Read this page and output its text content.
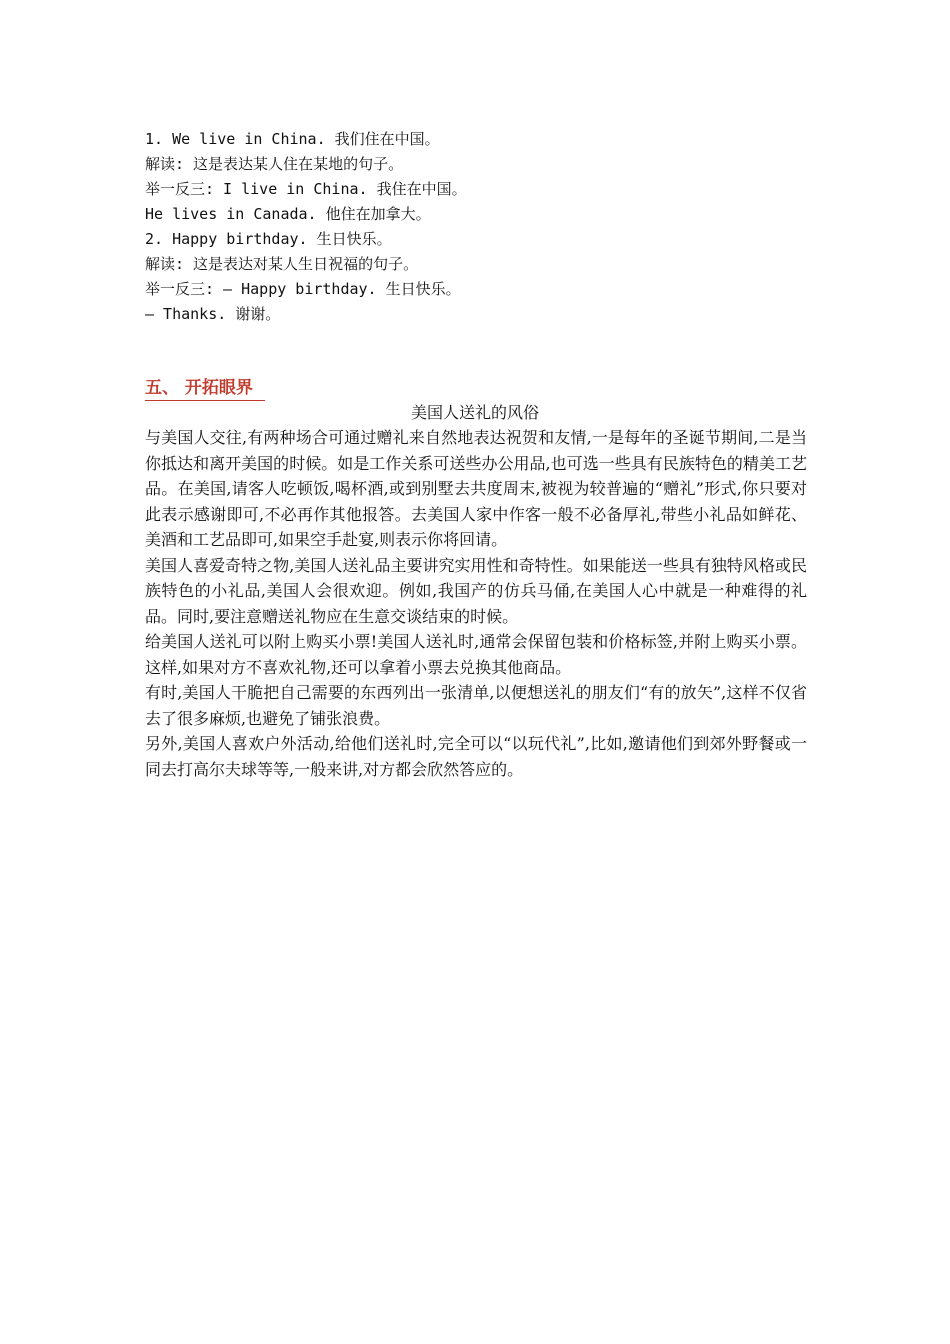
1. We live in China. 我们住在中国。
解读: 这是表达某人住在某地的句子。
举一反三: I live in China. 我住在中国。
He lives in Canada. 他住在加拿大。
2. Happy birthday. 生日快乐。
解读: 这是表达对某人生日祝福的句子。
举一反三: — Happy birthday. 生日快乐。
— Thanks. 谢谢。
五、 开拓眼界
美国人送礼的风俗

与美国人交往,有两种场合可通过赠礼来自然地表达祝贺和友情,一是每年的圣诞节期间,二是当你抵达和离开美国的时候。如是工作关系可送些办公用品,也可选一些具有民族特色的精美工艺品。在美国,请客人吃顿饭,喝杯酒,或到别墅去共度周末,被视为较普遍的“赠礼”形式,你只要对此表示感谢即可,不必再作其他报答。去美国人家中作客一般不必备厚礼,带些小礼品如鲜花、美酒和工艺品即可,如果空手赴宴,则表示你将回请。

美国人喜爱奇特之物,美国人送礼品主要讲究实用性和奇特性。如果能送一些具有独特风格或民族特色的小礼品,美国人会很欢迎。例如,我国产的仿兵马俑,在美国人心中就是一种难得的礼品。同时,要注意赠送礼物应在生意交谈结束的时候。

给美国人送礼可以附上购买小票!美国人送礼时,通常会保留包装和价格标签,并附上购买小票。这样,如果对方不喜欢礼物,还可以拿着小票去兑换其他商品。

有时,美国人干脆把自己需要的东西列出一张清单,以便想送礼的朋友们“有的放矢”,这样不仅省去了很多麻烦,也避免了铺张浪费。

另外,美国人喜欢户外活动,给他们送礼时,完全可以“以玩代礼”,比如,邀请他们到郊外野餐或一同去打高尔夫球等等,一般来讲,对方都会欣然答应的。
